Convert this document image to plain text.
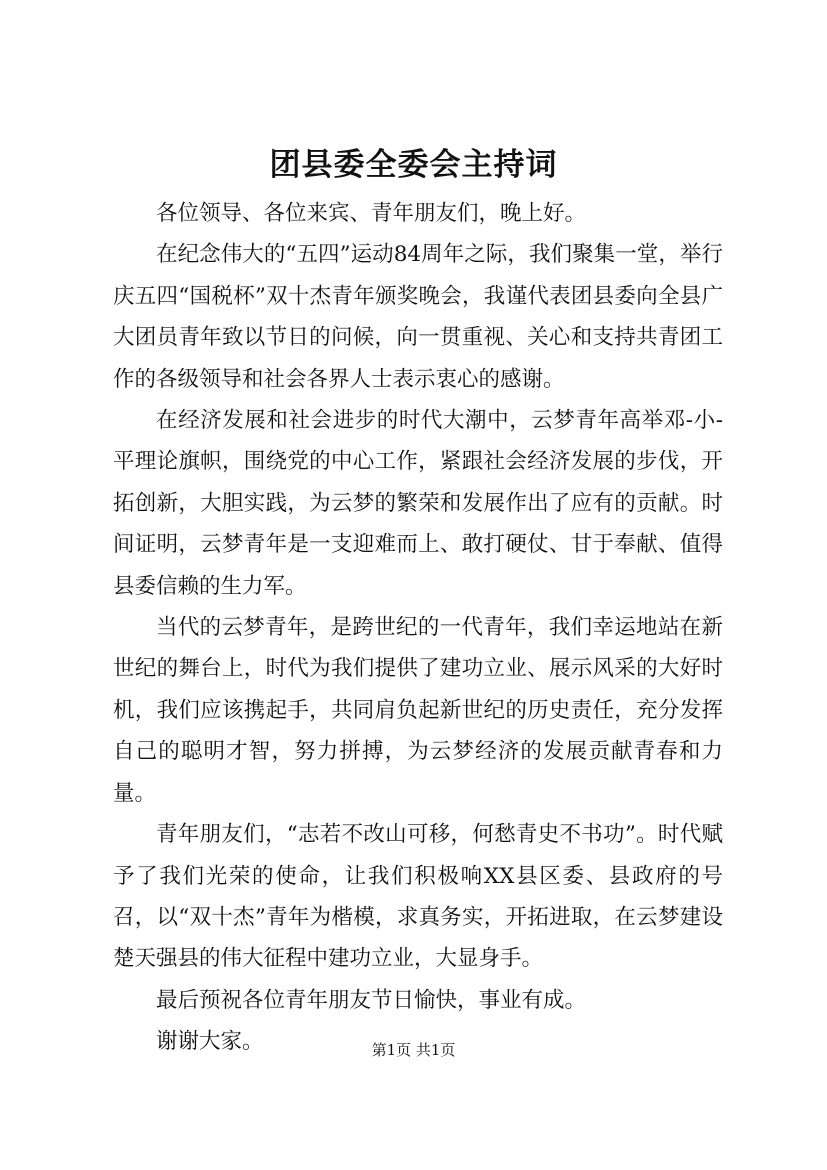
团县委全委会主持词

各位领导、各位来宾、青年朋友们，晚上好。

在纪念伟大的“五四”运动84周年之际，我们聚集一堂，举行庆五四“国税杯”双十杰青年颁奖晚会，我谨代表团县委向全县广大团员青年致以节日的问候，向一贯重视、关心和支持共青团工作的各级领导和社会各界人士表示衷心的感谢。

在经济发展和社会进步的时代大潮中，云梦青年高举邓-小-平理论旗帜，围绕党的中心工作，紧跟社会经济发展的步伐，开拓创新，大胆实践，为云梦的繁荣和发展作出了应有的贡献。时间证明，云梦青年是一支迎难而上、敢打硬仗、甘于奉献、值得县委信赖的生力军。

当代的云梦青年，是跨世纪的一代青年，我们幸运地站在新世纪的舞台上，时代为我们提供了建功立业、展示风采的大好时机，我们应该携起手，共同肩负起新世纪的历史责任，充分发挥自己的聪明才智，努力拼搏，为云梦经济的发展贡献青春和力量。

青年朋友们，“志若不改山可移，何愁青史不书功”。时代赋予了我们光荣的使命，让我们积极响XX县区委、县政府的号召，以“双十杰”青年为楷模，求真务实，开拓进取，在云梦建设楚天强县的伟大征程中建功立业，大显身手。

最后预祝各位青年朋友节日愉快，事业有成。

谢谢大家。	第1页 共1页
